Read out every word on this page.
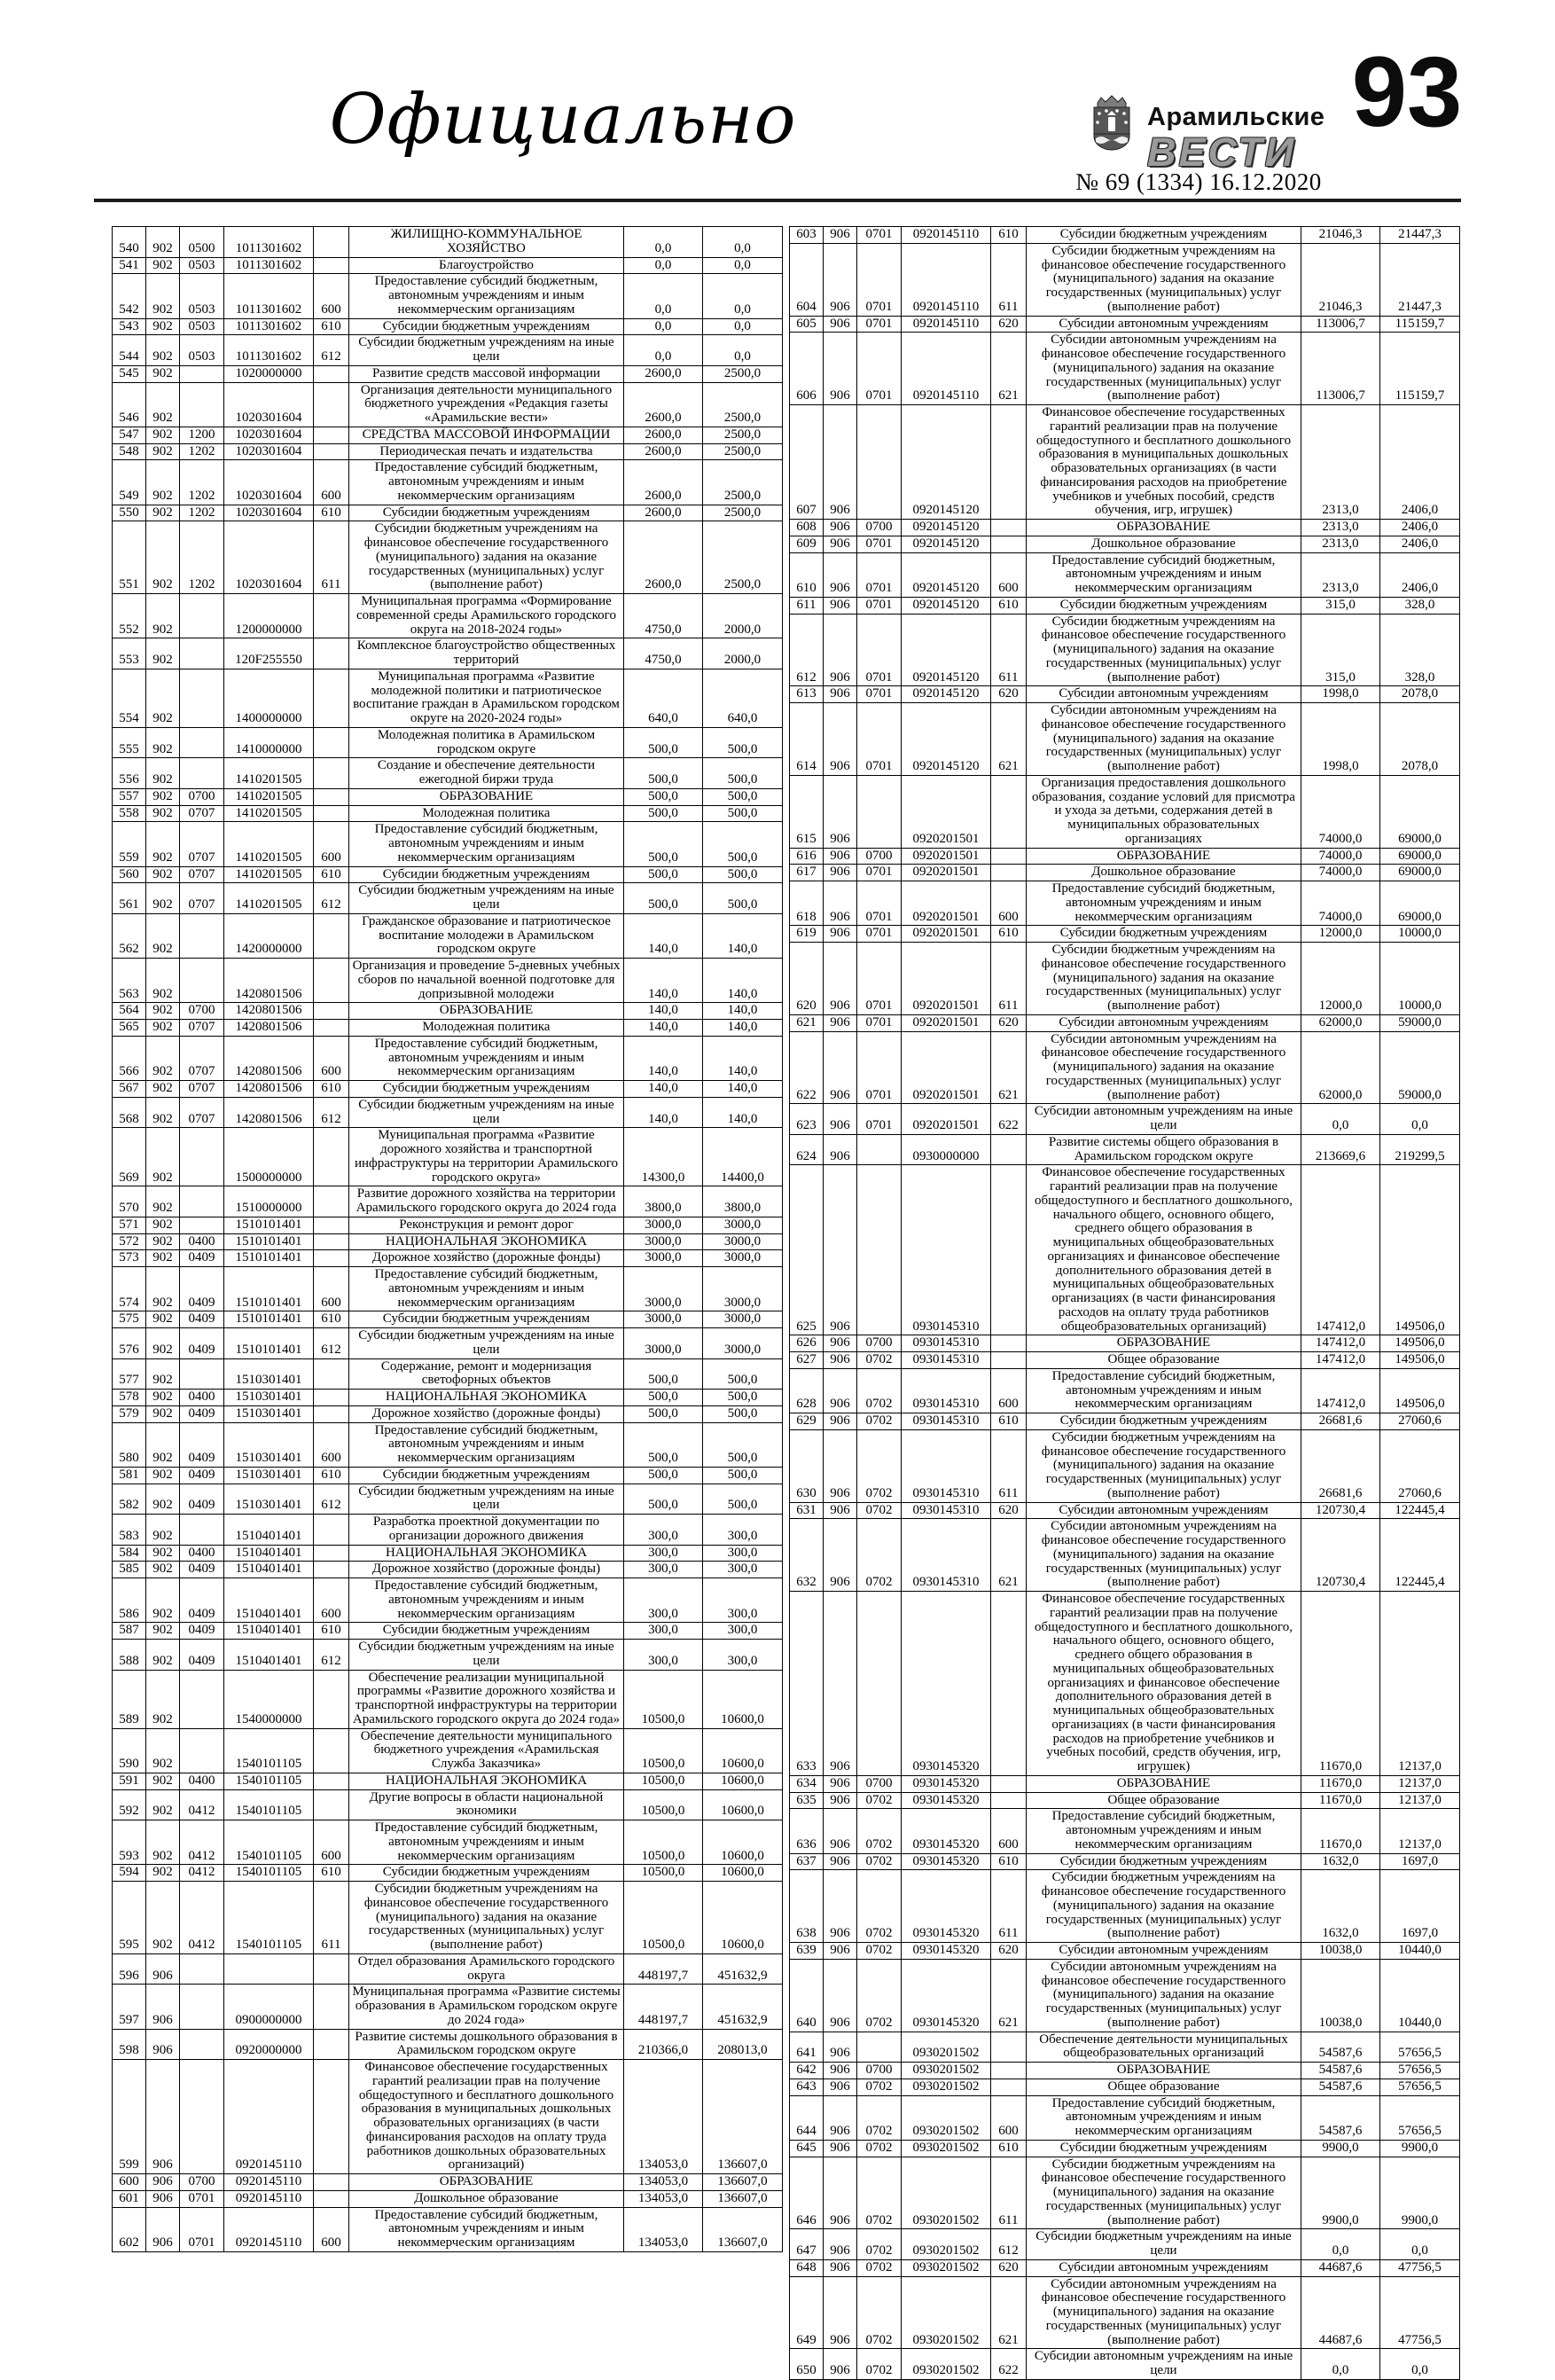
Официально	Арамильские
ВЕСТИ
93
№ 69 (1334) 16.12.2020
540	902	0500	1011301602		ЖИЛИЩНО-КОММУНАЛЬНОЕ ХОЗЯЙСТВО	0,0	0,0
541	902	0503	1011301602		Благоустройство	0,0	0,0
542	902	0503	1011301602	600	Предоставление субсидий бюджетным, автономным учреждениям и иным некоммерческим организациям	0,0	0,0
543	902	0503	1011301602	610	Субсидии бюджетным учреждениям	0,0	0,0
544	902	0503	1011301602	612	Субсидии бюджетным учреждениям на иные цели	0,0	0,0
545	902		1020000000		Развитие средств массовой информации	2600,0	2500,0
546	902		1020301604		Организация деятельности муниципального бюджетного учреждения «Редакция газеты «Арамильские вести»	2600,0	2500,0
547	902	1200	1020301604		СРЕДСТВА МАССОВОЙ ИНФОРМАЦИИ	2600,0	2500,0
548	902	1202	1020301604		Периодическая печать и издательства	2600,0	2500,0
549	902	1202	1020301604	600	Предоставление субсидий бюджетным, автономным учреждениям и иным некоммерческим организациям	2600,0	2500,0
550	902	1202	1020301604	610	Субсидии бюджетным учреждениям	2600,0	2500,0
551	902	1202	1020301604	611	Субсидии бюджетным учреждениям на финансовое обеспечение государственного (муниципального) задания на оказание государственных (муниципальных) услуг (выполнение работ)	2600,0	2500,0
552	902		1200000000		Муниципальная программа «Формирование современной среды Арамильского городского округа на 2018-2024 годы»	4750,0	2000,0
553	902		120F255550		Комплексное благоустройство общественных территорий	4750,0	2000,0
554	902		1400000000		Муниципальная программа «Развитие молодежной политики и патриотическое воспитание граждан в Арамильском городском округе на 2020-2024 годы»	640,0	640,0
555	902		1410000000		Молодежная политика в Арамильском городском округе	500,0	500,0
556	902		1410201505		Создание и обеспечение деятельности ежегодной биржи труда	500,0	500,0
557	902	0700	1410201505		ОБРАЗОВАНИЕ	500,0	500,0
558	902	0707	1410201505		Молодежная политика	500,0	500,0
559	902	0707	1410201505	600	Предоставление субсидий бюджетным, автономным учреждениям и иным некоммерческим организациям	500,0	500,0
560	902	0707	1410201505	610	Субсидии бюджетным учреждениям	500,0	500,0
561	902	0707	1410201505	612	Субсидии бюджетным учреждениям на иные цели	500,0	500,0
562	902		1420000000		Гражданское образование и патриотическое воспитание молодежи в Арамильском городском округе	140,0	140,0
563	902		1420801506		Организация и проведение 5-дневных учебных сборов по начальной военной подготовке для допризывной молодежи	140,0	140,0
564	902	0700	1420801506		ОБРАЗОВАНИЕ	140,0	140,0
565	902	0707	1420801506		Молодежная политика	140,0	140,0
566	902	0707	1420801506	600	Предоставление субсидий бюджетным, автономным учреждениям и иным некоммерческим организациям	140,0	140,0
567	902	0707	1420801506	610	Субсидии бюджетным учреждениям	140,0	140,0
568	902	0707	1420801506	612	Субсидии бюджетным учреждениям на иные цели	140,0	140,0
569	902		1500000000		Муниципальная программа «Развитие дорожного хозяйства и транспортной инфраструктуры на территории Арамильского городского округа»	14300,0	14400,0
570	902		1510000000		Развитие дорожного хозяйства на территории Арамильского городского округа до 2024 года	3800,0	3800,0
571	902		1510101401		Реконструкция и ремонт дорог	3000,0	3000,0
572	902	0400	1510101401		НАЦИОНАЛЬНАЯ ЭКОНОМИКА	3000,0	3000,0
573	902	0409	1510101401		Дорожное хозяйство (дорожные фонды)	3000,0	3000,0
574	902	0409	1510101401	600	Предоставление субсидий бюджетным, автономным учреждениям и иным некоммерческим организациям	3000,0	3000,0
575	902	0409	1510101401	610	Субсидии бюджетным учреждениям	3000,0	3000,0
576	902	0409	1510101401	612	Субсидии бюджетным учреждениям на иные цели	3000,0	3000,0
577	902		1510301401		Содержание, ремонт и модернизация светофорных объектов	500,0	500,0
578	902	0400	1510301401		НАЦИОНАЛЬНАЯ ЭКОНОМИКА	500,0	500,0
579	902	0409	1510301401		Дорожное хозяйство (дорожные фонды)	500,0	500,0
580	902	0409	1510301401	600	Предоставление субсидий бюджетным, автономным учреждениям и иным некоммерческим организациям	500,0	500,0
581	902	0409	1510301401	610	Субсидии бюджетным учреждениям	500,0	500,0
582	902	0409	1510301401	612	Субсидии бюджетным учреждениям на иные цели	500,0	500,0
583	902		1510401401		Разработка проектной документации по организации дорожного движения	300,0	300,0
584	902	0400	1510401401		НАЦИОНАЛЬНАЯ ЭКОНОМИКА	300,0	300,0
585	902	0409	1510401401		Дорожное хозяйство (дорожные фонды)	300,0	300,0
586	902	0409	1510401401	600	Предоставление субсидий бюджетным, автономным учреждениям и иным некоммерческим организациям	300,0	300,0
587	902	0409	1510401401	610	Субсидии бюджетным учреждениям	300,0	300,0
588	902	0409	1510401401	612	Субсидии бюджетным учреждениям на иные цели	300,0	300,0
589	902		1540000000		Обеспечение реализации муниципальной программы «Развитие дорожного хозяйства и транспортной инфраструктуры на территории Арамильского городского округа до 2024 года»	10500,0	10600,0
590	902		1540101105		Обеспечение деятельности муниципального бюджетного учреждения «Арамильская Служба Заказчика»	10500,0	10600,0
591	902	0400	1540101105		НАЦИОНАЛЬНАЯ ЭКОНОМИКА	10500,0	10600,0
592	902	0412	1540101105		Другие вопросы в области национальной экономики	10500,0	10600,0
593	902	0412	1540101105	600	Предоставление субсидий бюджетным, автономным учреждениям и иным некоммерческим организациям	10500,0	10600,0
594	902	0412	1540101105	610	Субсидии бюджетным учреждениям	10500,0	10600,0
595	902	0412	1540101105	611	Субсидии бюджетным учреждениям на финансовое обеспечение государственного (муниципального) задания на оказание государственных (муниципальных) услуг (выполнение работ)	10500,0	10600,0
596	906				Отдел образования Арамильского городского округа	448197,7	451632,9
597	906		0900000000		Муниципальная программа «Развитие системы образования в Арамильском городском округе до 2024 года»	448197,7	451632,9
598	906		0920000000		Развитие системы дошкольного образования в Арамильском городском округе	210366,0	208013,0
599	906		0920145110		Финансовое обеспечение государственных гарантий реализации прав на получение общедоступного и бесплатного дошкольного образования в муниципальных дошкольных образовательных организациях (в части финансирования расходов на оплату труда работников дошкольных образовательных организаций)	134053,0	136607,0
600	906	0700	0920145110		ОБРАЗОВАНИЕ	134053,0	136607,0
601	906	0701	0920145110		Дошкольное образование	134053,0	136607,0
602	906	0701	0920145110	600	Предоставление субсидий бюджетным, автономным учреждениям и иным некоммерческим организациям	134053,0	136607,0
603	906	0701	0920145110	610	Субсидии бюджетным учреждениям	21046,3	21447,3
604	906	0701	0920145110	611	Субсидии бюджетным учреждениям на финансовое обеспечение государственного (муниципального) задания на оказание государственных (муниципальных) услуг (выполнение работ)	21046,3	21447,3
605	906	0701	0920145110	620	Субсидии автономным учреждениям	113006,7	115159,7
606	906	0701	0920145110	621	Субсидии автономным учреждениям на финансовое обеспечение государственного (муниципального) задания на оказание государственных (муниципальных) услуг (выполнение работ)	113006,7	115159,7
607	906		0920145120		Финансовое обеспечение государственных гарантий реализации прав на получение общедоступного и бесплатного дошкольного образования в муниципальных дошкольных образовательных организациях (в части финансирования расходов на приобретение учебников и учебных пособий, средств обучения, игр, игрушек)	2313,0	2406,0
608	906	0700	0920145120		ОБРАЗОВАНИЕ	2313,0	2406,0
609	906	0701	0920145120		Дошкольное образование	2313,0	2406,0
610	906	0701	0920145120	600	Предоставление субсидий бюджетным, автономным учреждениям и иным некоммерческим организациям	2313,0	2406,0
611	906	0701	0920145120	610	Субсидии бюджетным учреждениям	315,0	328,0
612	906	0701	0920145120	611	Субсидии бюджетным учреждениям на финансовое обеспечение государственного (муниципального) задания на оказание государственных (муниципальных) услуг (выполнение работ)	315,0	328,0
613	906	0701	0920145120	620	Субсидии автономным учреждениям	1998,0	2078,0
614	906	0701	0920145120	621	Субсидии автономным учреждениям на финансовое обеспечение государственного (муниципального) задания на оказание государственных (муниципальных) услуг (выполнение работ)	1998,0	2078,0
615	906		0920201501		Организация предоставления дошкольного образования, создание условий для присмотра и ухода за детьми, содержания детей в муниципальных образовательных организациях	74000,0	69000,0
616	906	0700	0920201501		ОБРАЗОВАНИЕ	74000,0	69000,0
617	906	0701	0920201501		Дошкольное образование	74000,0	69000,0
618	906	0701	0920201501	600	Предоставление субсидий бюджетным, автономным учреждениям и иным некоммерческим организациям	74000,0	69000,0
619	906	0701	0920201501	610	Субсидии бюджетным учреждениям	12000,0	10000,0
620	906	0701	0920201501	611	Субсидии бюджетным учреждениям на финансовое обеспечение государственного (муниципального) задания на оказание государственных (муниципальных) услуг (выполнение работ)	12000,0	10000,0
621	906	0701	0920201501	620	Субсидии автономным учреждениям	62000,0	59000,0
622	906	0701	0920201501	621	Субсидии автономным учреждениям на финансовое обеспечение государственного (муниципального) задания на оказание государственных (муниципальных) услуг (выполнение работ)	62000,0	59000,0
623	906	0701	0920201501	622	Субсидии автономным учреждениям на иные цели	0,0	0,0
624	906		0930000000		Развитие системы общего образования в Арамильском городском округе	213669,6	219299,5
625	906		0930145310		Финансовое обеспечение государственных гарантий реализации прав на получение общедоступного и бесплатного дошкольного, начального общего, основного общего, среднего общего образования в муниципальных общеобразовательных организациях и финансовое обеспечение дополнительного образования детей в муниципальных общеобразовательных организациях (в части финансирования расходов на оплату труда работников общеобразовательных организаций)	147412,0	149506,0
626	906	0700	0930145310		ОБРАЗОВАНИЕ	147412,0	149506,0
627	906	0702	0930145310		Общее образование	147412,0	149506,0
628	906	0702	0930145310	600	Предоставление субсидий бюджетным, автономным учреждениям и иным некоммерческим организациям	147412,0	149506,0
629	906	0702	0930145310	610	Субсидии бюджетным учреждениям	26681,6	27060,6
630	906	0702	0930145310	611	Субсидии бюджетным учреждениям на финансовое обеспечение государственного (муниципального) задания на оказание государственных (муниципальных) услуг (выполнение работ)	26681,6	27060,6
631	906	0702	0930145310	620	Субсидии автономным учреждениям	120730,4	122445,4
632	906	0702	0930145310	621	Субсидии автономным учреждениям на финансовое обеспечение государственного (муниципального) задания на оказание государственных (муниципальных) услуг (выполнение работ)	120730,4	122445,4
633	906		0930145320		Финансовое обеспечение государственных гарантий реализации прав на получение общедоступного и бесплатного дошкольного, начального общего, основного общего, среднего общего образования в муниципальных общеобразовательных организациях и финансовое обеспечение дополнительного образования детей в муниципальных общеобразовательных организациях (в части финансирования расходов на приобретение учебников и учебных пособий, средств обучения, игр, игрушек)	11670,0	12137,0
634	906	0700	0930145320		ОБРАЗОВАНИЕ	11670,0	12137,0
635	906	0702	0930145320		Общее образование	11670,0	12137,0
636	906	0702	0930145320	600	Предоставление субсидий бюджетным, автономным учреждениям и иным некоммерческим организациям	11670,0	12137,0
637	906	0702	0930145320	610	Субсидии бюджетным учреждениям	1632,0	1697,0
638	906	0702	0930145320	611	Субсидии бюджетным учреждениям на финансовое обеспечение государственного (муниципального) задания на оказание государственных (муниципальных) услуг (выполнение работ)	1632,0	1697,0
639	906	0702	0930145320	620	Субсидии автономным учреждениям	10038,0	10440,0
640	906	0702	0930145320	621	Субсидии автономным учреждениям на финансовое обеспечение государственного (муниципального) задания на оказание государственных (муниципальных) услуг (выполнение работ)	10038,0	10440,0
641	906		0930201502		Обеспечение деятельности муниципальных общеобразовательных организаций	54587,6	57656,5
642	906	0700	0930201502		ОБРАЗОВАНИЕ	54587,6	57656,5
643	906	0702	0930201502		Общее образование	54587,6	57656,5
644	906	0702	0930201502	600	Предоставление субсидий бюджетным, автономным учреждениям и иным некоммерческим организациям	54587,6	57656,5
645	906	0702	0930201502	610	Субсидии бюджетным учреждениям	9900,0	9900,0
646	906	0702	0930201502	611	Субсидии бюджетным учреждениям на финансовое обеспечение государственного (муниципального) задания на оказание государственных (муниципальных) услуг (выполнение работ)	9900,0	9900,0
647	906	0702	0930201502	612	Субсидии бюджетным учреждениям на иные цели	0,0	0,0
648	906	0702	0930201502	620	Субсидии автономным учреждениям	44687,6	47756,5
649	906	0702	0930201502	621	Субсидии автономным учреждениям на финансовое обеспечение государственного (муниципального) задания на оказание государственных (муниципальных) услуг (выполнение работ)	44687,6	47756,5
650	906	0702	0930201502	622	Субсидии автономным учреждениям на иные цели	0,0	0,0
